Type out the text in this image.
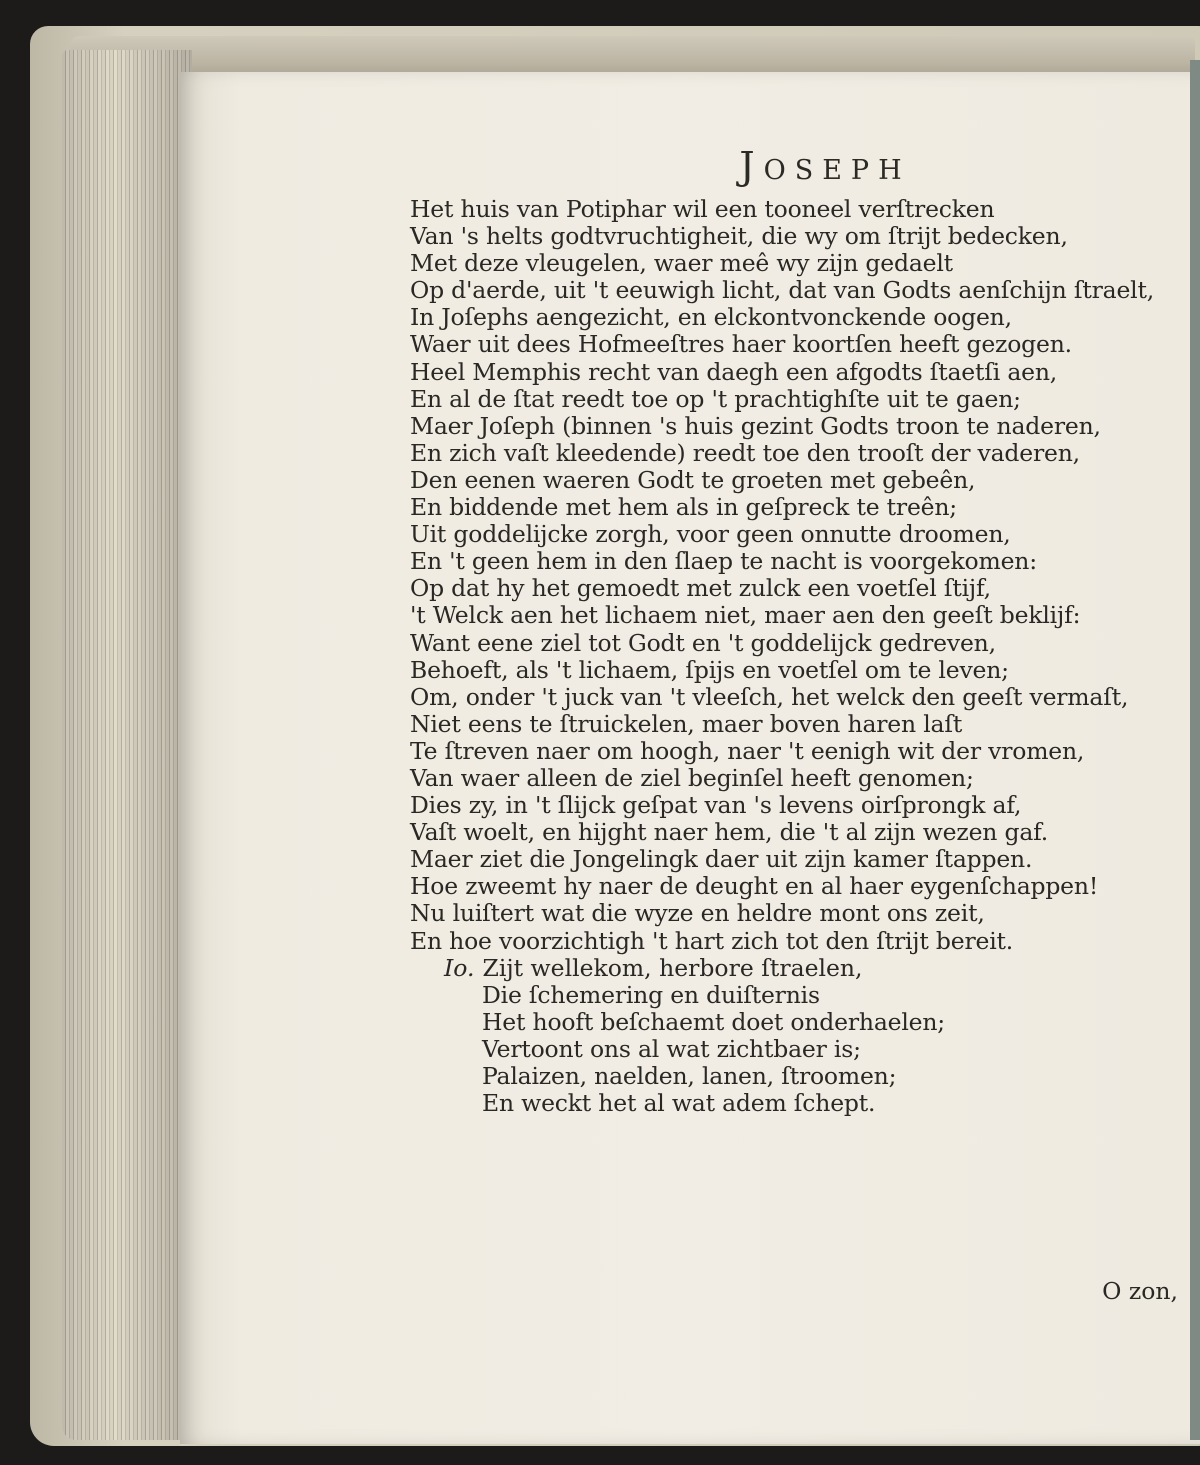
Joseph
Het huis van Potiphar wil een tooneel verſtrecken
Van 's helts godtvruchtigheit, die wy om ſtrijt bedecken,
Met deze vleugelen, waer meê wy zijn gedaelt
Op d'aerde, uit 't eeuwigh licht, dat van Godts aenſchijn ſtraelt,
In Joſephs aengezicht, en elckontvonckende oogen,
Waer uit dees Hofmeeſtres haer koortſen heeft gezogen.
Heel Memphis recht van daegh een afgodts ſtaetſi aen,
En al de ſtat reedt toe op 't prachtighſte uit te gaen;
Maer Joſeph (binnen 's huis gezint Godts troon te naderen,
En zich vaſt kleedende) reedt toe den trooſt der vaderen,
Den eenen waeren Godt te groeten met gebeên,
En biddende met hem als in geſpreck te treên;
Uit goddelijcke zorgh, voor geen onnutte droomen,
En 't geen hem in den ſlaep te nacht is voorgekomen:
Op dat hy het gemoedt met zulck een voetſel ſtijf,
't Welck aen het lichaem niet, maer aen den geeſt beklijf:
Want eene ziel tot Godt en 't goddelijck gedreven,
Behoeft, als 't lichaem, ſpijs en voetſel om te leven;
Om, onder 't juck van 't vleeſch, het welck den geeſt vermaſt,
Niet eens te ſtruickelen, maer boven haren laſt
Te ſtreven naer om hoogh, naer 't eenigh wit der vromen,
Van waer alleen de ziel beginſel heeft genomen;
Dies zy, in 't ſlijck geſpat van 's levens oirſprongk af,
Vaſt woelt, en hijght naer hem, die 't al zijn wezen gaf.
Maer ziet die Jongelingk daer uit zijn kamer ſtappen.
Hoe zweemt hy naer de deught en al haer eygenſchappen!
Nu luiſtert wat die wyze en heldre mont ons zeit,
En hoe voorzichtigh 't hart zich tot den ſtrijt bereit.
Io. Zijt wellekom, herbore ſtraelen,
Die ſchemering en duiſternis
Het hooft beſchaemt doet onderhaelen;
Vertoont ons al wat zichtbaer is;
Palaizen, naelden, lanen, ſtroomen;
En weckt het al wat adem ſchept.
O zon,
